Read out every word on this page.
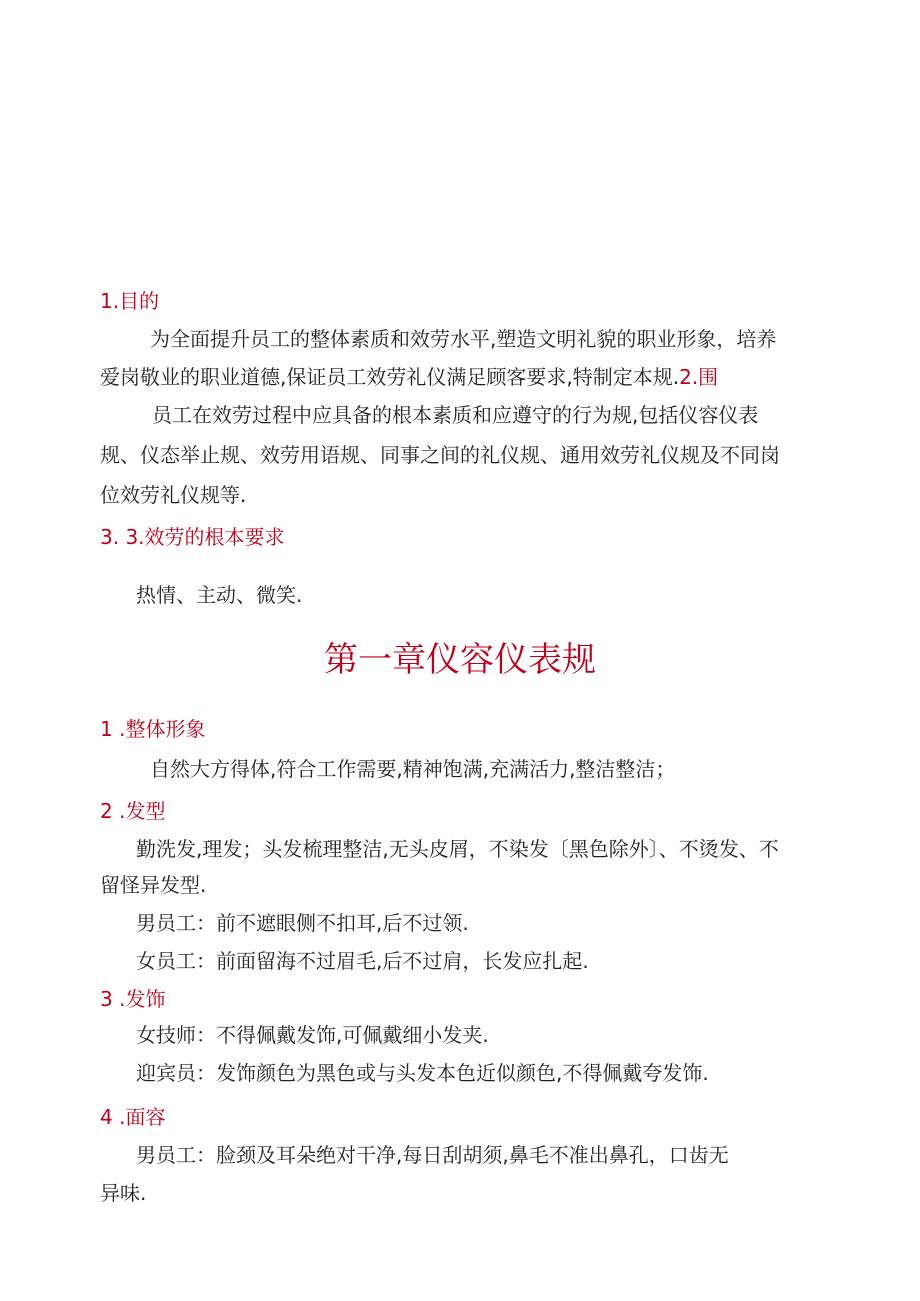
1.目的
为全面提升员工的整体素质和效劳水平,塑造文明礼貌的职业形象，培养
爱岗敬业的职业道德,保证员工效劳礼仪满足顾客要求,特制定本规.2.围
员工在效劳过程中应具备的根本素质和应遵守的行为规,包括仪容仪表
规、仪态举止规、效劳用语规、同事之间的礼仪规、通用效劳礼仪规及不同岗
位效劳礼仪规等.
3. 3.效劳的根本要求
热情、主动、微笑.
第一章仪容仪表规
1 .整体形象
自然大方得体,符合工作需要,精神饱满,充满活力,整洁整洁；
2 .发型
勤洗发,理发；头发梳理整洁,无头皮屑，不染发〔黑色除外〕、不烫发、不
留怪异发型.
男员工：前不遮眼侧不扣耳,后不过领.
女员工：前面留海不过眉毛,后不过肩，长发应扎起.
3 .发饰
女技师：不得佩戴发饰,可佩戴细小发夹.
迎宾员：发饰颜色为黑色或与头发本色近似颜色,不得佩戴夸发饰.
4 .面容
男员工：脸颈及耳朵绝对干净,每日刮胡须,鼻毛不准出鼻孔，口齿无
异味.
